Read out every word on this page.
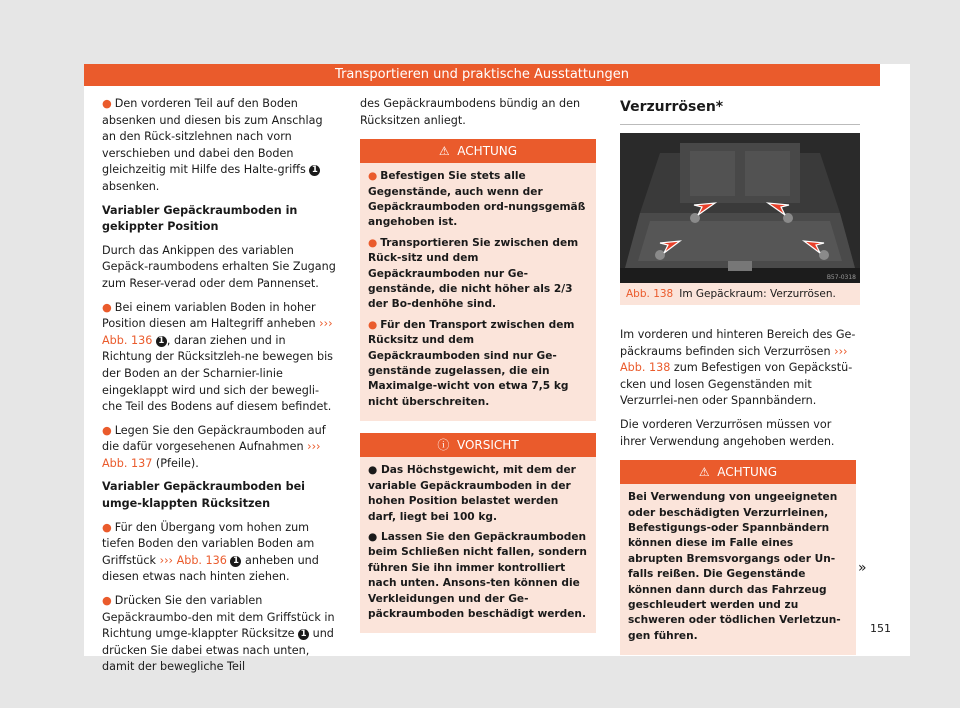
Transportieren und praktische Ausstattungen

● Den vorderen Teil auf den Boden absenken und diesen bis zum Anschlag an den Rück-sitzlehnen nach vorn verschieben und dabei den Boden gleichzeitig mit Hilfe des Halte-griffs 1 absenken.

Variabler Gepäckraumboden in gekippter Position

Durch das Ankippen des variablen Gepäck-raumbodens erhalten Sie Zugang zum Reser-verad oder dem Pannenset.

● Bei einem variablen Boden in hoher Position diesen am Haltegriff anheben ››› Abb. 136 1 , daran ziehen und in Richtung der Rücksitzleh-ne bewegen bis der Boden an der Scharnier-linie eingeklappt wird und sich der bewegli-che Teil des Bodens auf diesem befindet.

● Legen Sie den Gepäckraumboden auf die dafür vorgesehenen Aufnahmen ››› Abb. 137 (Pfeile).

Variabler Gepäckraumboden bei umge-klappten Rücksitzen

● Für den Übergang vom hohen zum tiefen Boden den variablen Boden am Griffstück ››› Abb. 136 1 anheben und diesen etwas nach hinten ziehen.

● Drücken Sie den variablen Gepäckraumbo-den mit dem Griffstück in Richtung umge-klappter Rücksitze 1 und drücken Sie dabei etwas nach unten, damit der bewegliche Teil

des Gepäckraumbodens bündig an den Rücksitzen anliegt.

⚠ ACHTUNG

● Befestigen Sie stets alle Gegenstände, auch wenn der Gepäckraumboden ord-nungsgemäß angehoben ist.

● Transportieren Sie zwischen dem Rück-sitz und dem Gepäckraumboden nur Ge-genstände, die nicht höher als 2/3 der Bo-denhöhe sind.

● Für den Transport zwischen dem Rücksitz und dem Gepäckraumboden sind nur Ge-genstände zugelassen, die ein Maximalge-wicht von etwa 7,5 kg nicht überschreiten.

ⓘ VORSICHT

● Das Höchstgewicht, mit dem der variable Gepäckraumboden in der hohen Position belastet werden darf, liegt bei 100 kg.

● Lassen Sie den Gepäckraumboden beim Schließen nicht fallen, sondern führen Sie ihn immer kontrolliert nach unten. Ansons-ten können die Verkleidungen und der Ge-päckraumboden beschädigt werden.

Verzurrösen*
B57-0318
Abb. 138 Im Gepäckraum: Verzurrösen.

Im vorderen und hinteren Bereich des Ge-päckraums befinden sich Verzurrösen ››› Abb. 138 zum Befestigen von Gepäckstü-cken und losen Gegenständen mit Verzurrlei-nen oder Spannbändern.

Die vorderen Verzurrösen müssen vor ihrer Verwendung angehoben werden.

⚠ ACHTUNG

Bei Verwendung von ungeeigneten oder beschädigten Verzurrleinen, Befestigungs-oder Spannbändern können diese im Falle eines abrupten Bremsvorgangs oder Un-falls reißen. Die Gegenstände können dann durch das Fahrzeug geschleudert werden und zu schweren oder tödlichen Verletzun-gen führen.

»
151
